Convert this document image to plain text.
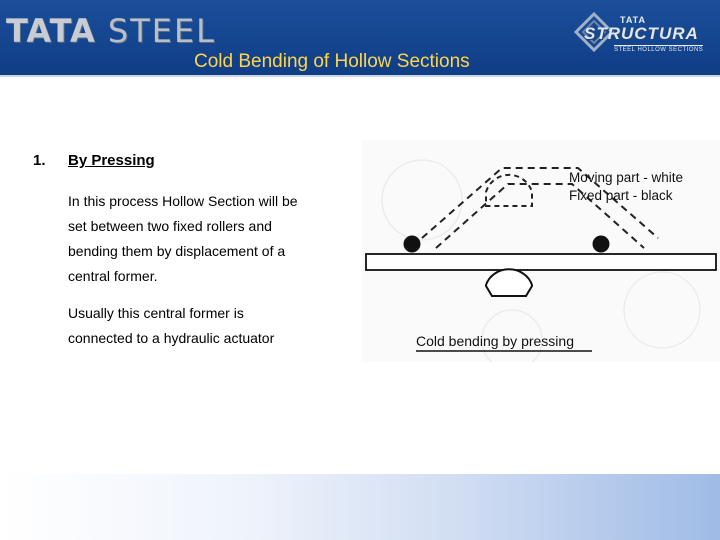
TATA STEEL
Cold Bending of Hollow Sections
TATA
STRUCTURA
STEEL HOLLOW SECTIONS
1. By Pressing

In this process Hollow Section will be

set between two fixed rollers and

bending them by displacement of a

central former.

Usually this central former is

connected to a hydraulic actuator

Moving part - white
Fixed part - black
Cold bending by pressing
